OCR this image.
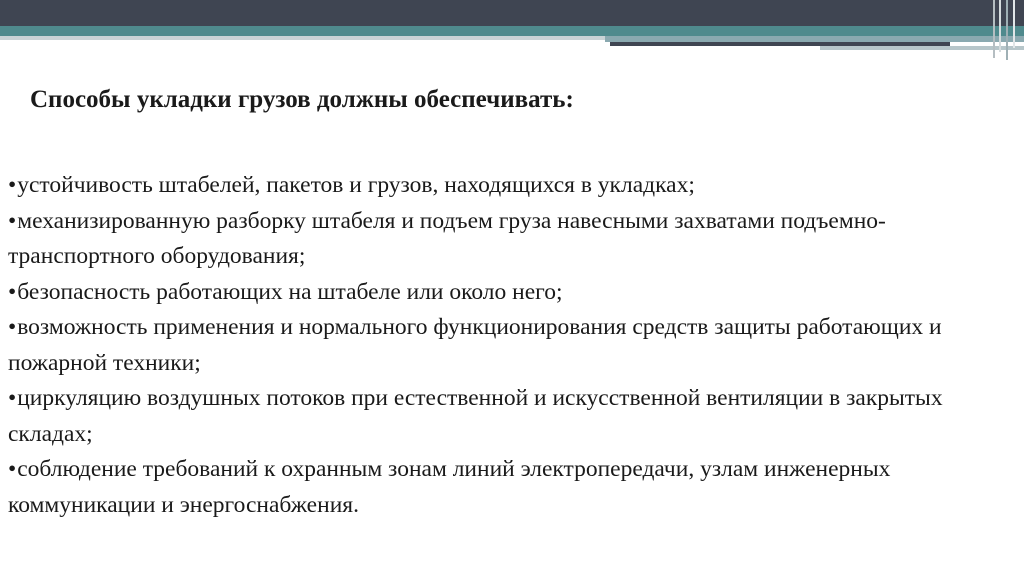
Способы укладки грузов должны обеспечивать:
•устойчивость штабелей, пакетов и грузов, находящихся в укладках;
•механизированную разборку штабеля и подъем груза навесными захватами подъемно-транспортного оборудования;
•безопасность работающих на штабеле или около него;
•возможность применения и нормального функционирования средств защиты работающих и пожарной техники;
•циркуляцию воздушных потоков при естественной и искусственной вентиляции в закрытых складах;
•соблюдение требований к охранным зонам линий электропередачи, узлам инженерных коммуникации и энергоснабжения.
